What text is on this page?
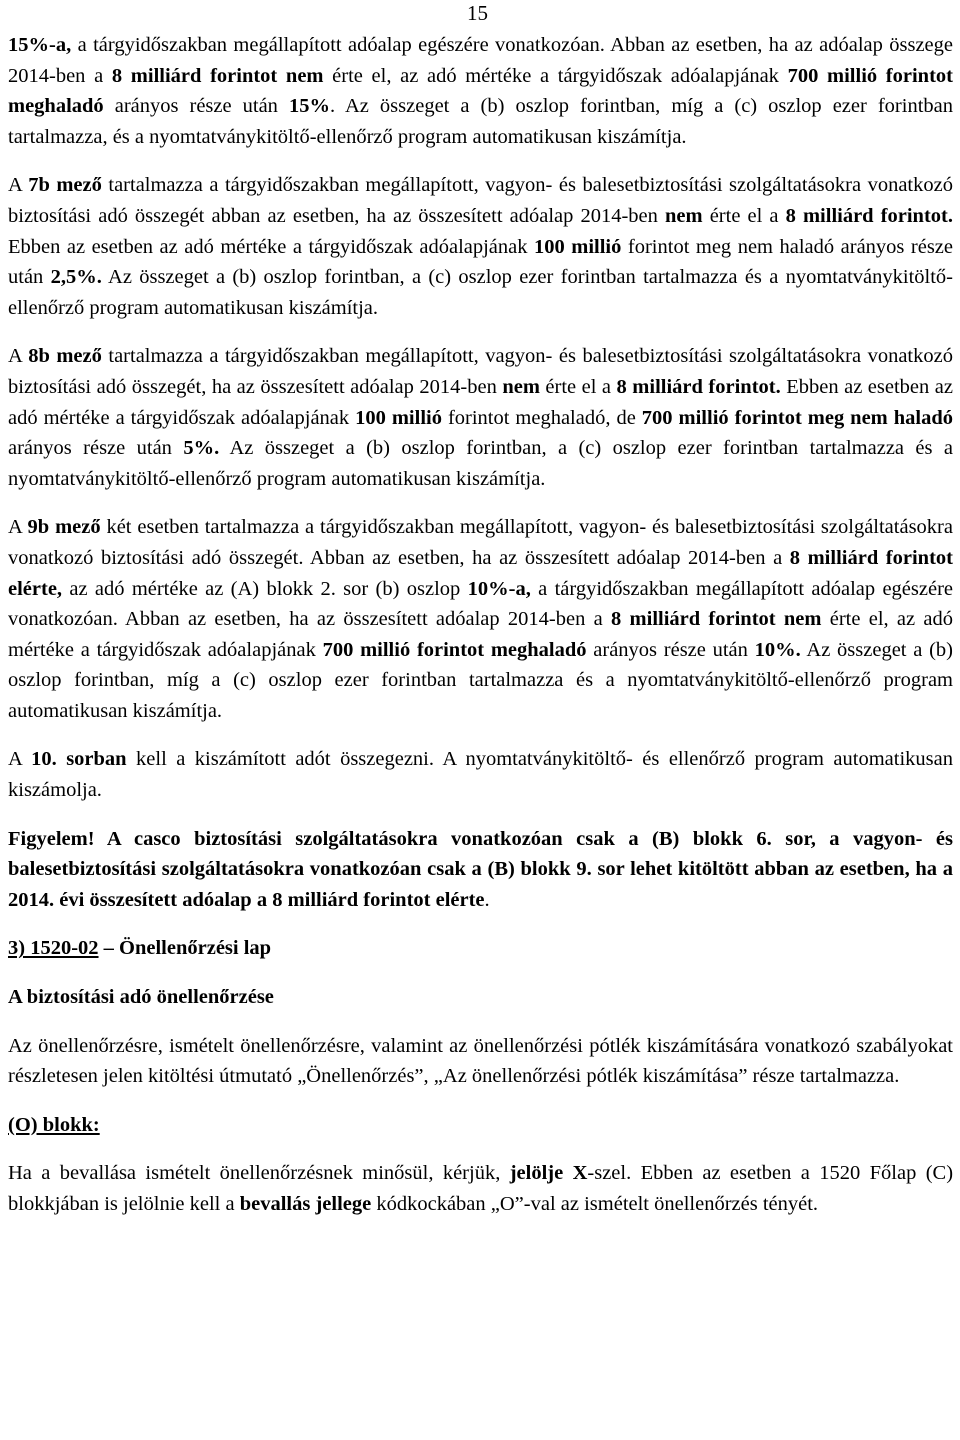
15

15%-a, a tárgyidőszakban megállapított adóalap egészére vonatkozóan. Abban az esetben, ha az adóalap összege 2014-ben a 8 milliárd forintot nem érte el, az adó mértéke a tárgyidőszak adóalapjának 700 millió forintot meghaladó arányos része után 15%. Az összeget a (b) oszlop forintban, míg a (c) oszlop ezer forintban tartalmazza, és a nyomtatványkitöltő-ellenőrző program automatikusan kiszámítja.

A 7b mező tartalmazza a tárgyidőszakban megállapított, vagyon- és balesetbiztosítási szolgáltatásokra vonatkozó biztosítási adó összegét abban az esetben, ha az összesített adóalap 2014-ben nem érte el a 8 milliárd forintot. Ebben az esetben az adó mértéke a tárgyidőszak adóalapjának 100 millió forintot meg nem haladó arányos része után 2,5%. Az összeget a (b) oszlop forintban, a (c) oszlop ezer forintban tartalmazza és a nyomtatványkitöltő-ellenőrző program automatikusan kiszámítja.

A 8b mező tartalmazza a tárgyidőszakban megállapított, vagyon- és balesetbiztosítási szolgáltatásokra vonatkozó biztosítási adó összegét, ha az összesített adóalap 2014-ben nem érte el a 8 milliárd forintot. Ebben az esetben az adó mértéke a tárgyidőszak adóalapjának 100 millió forintot meghaladó, de 700 millió forintot meg nem haladó arányos része után 5%. Az összeget a (b) oszlop forintban, a (c) oszlop ezer forintban tartalmazza és a nyomtatványkitöltő-ellenőrző program automatikusan kiszámítja.

A 9b mező két esetben tartalmazza a tárgyidőszakban megállapított, vagyon- és balesetbiztosítási szolgáltatásokra vonatkozó biztosítási adó összegét. Abban az esetben, ha az összesített adóalap 2014-ben a 8 milliárd forintot elérte, az adó mértéke az (A) blokk 2. sor (b) oszlop 10%-a, a tárgyidőszakban megállapított adóalap egészére vonatkozóan. Abban az esetben, ha az összesített adóalap 2014-ben a 8 milliárd forintot nem érte el, az adó mértéke a tárgyidőszak adóalapjának 700 millió forintot meghaladó arányos része után 10%. Az összeget a (b) oszlop forintban, míg a (c) oszlop ezer forintban tartalmazza és a nyomtatványkitöltő-ellenőrző program automatikusan kiszámítja.

A 10. sorban kell a kiszámított adót összegezni. A nyomtatványkitöltő- és ellenőrző program automatikusan kiszámolja.

Figyelem! A casco biztosítási szolgáltatásokra vonatkozóan csak a (B) blokk 6. sor, a vagyon- és balesetbiztosítási szolgáltatásokra vonatkozóan csak a (B) blokk 9. sor lehet kitöltött abban az esetben, ha a 2014. évi összesített adóalap a 8 milliárd forintot elérte.

3) 1520-02 – Önellenőrzési lap

A biztosítási adó önellenőrzése

Az önellenőrzésre, ismételt önellenőrzésre, valamint az önellenőrzési pótlék kiszámítására vonatkozó szabályokat részletesen jelen kitöltési útmutató „Önellenőrzés”, „Az önellenőrzési pótlék kiszámítása” része tartalmazza.

(O) blokk:

Ha a bevallása ismételt önellenőrzésnek minősül, kérjük, jelölje X-szel. Ebben az esetben a 1520 Főlap (C) blokkjában is jelölnie kell a bevallás jellege kódkockában „O”-val az ismételt önellenőrzés tényét.
